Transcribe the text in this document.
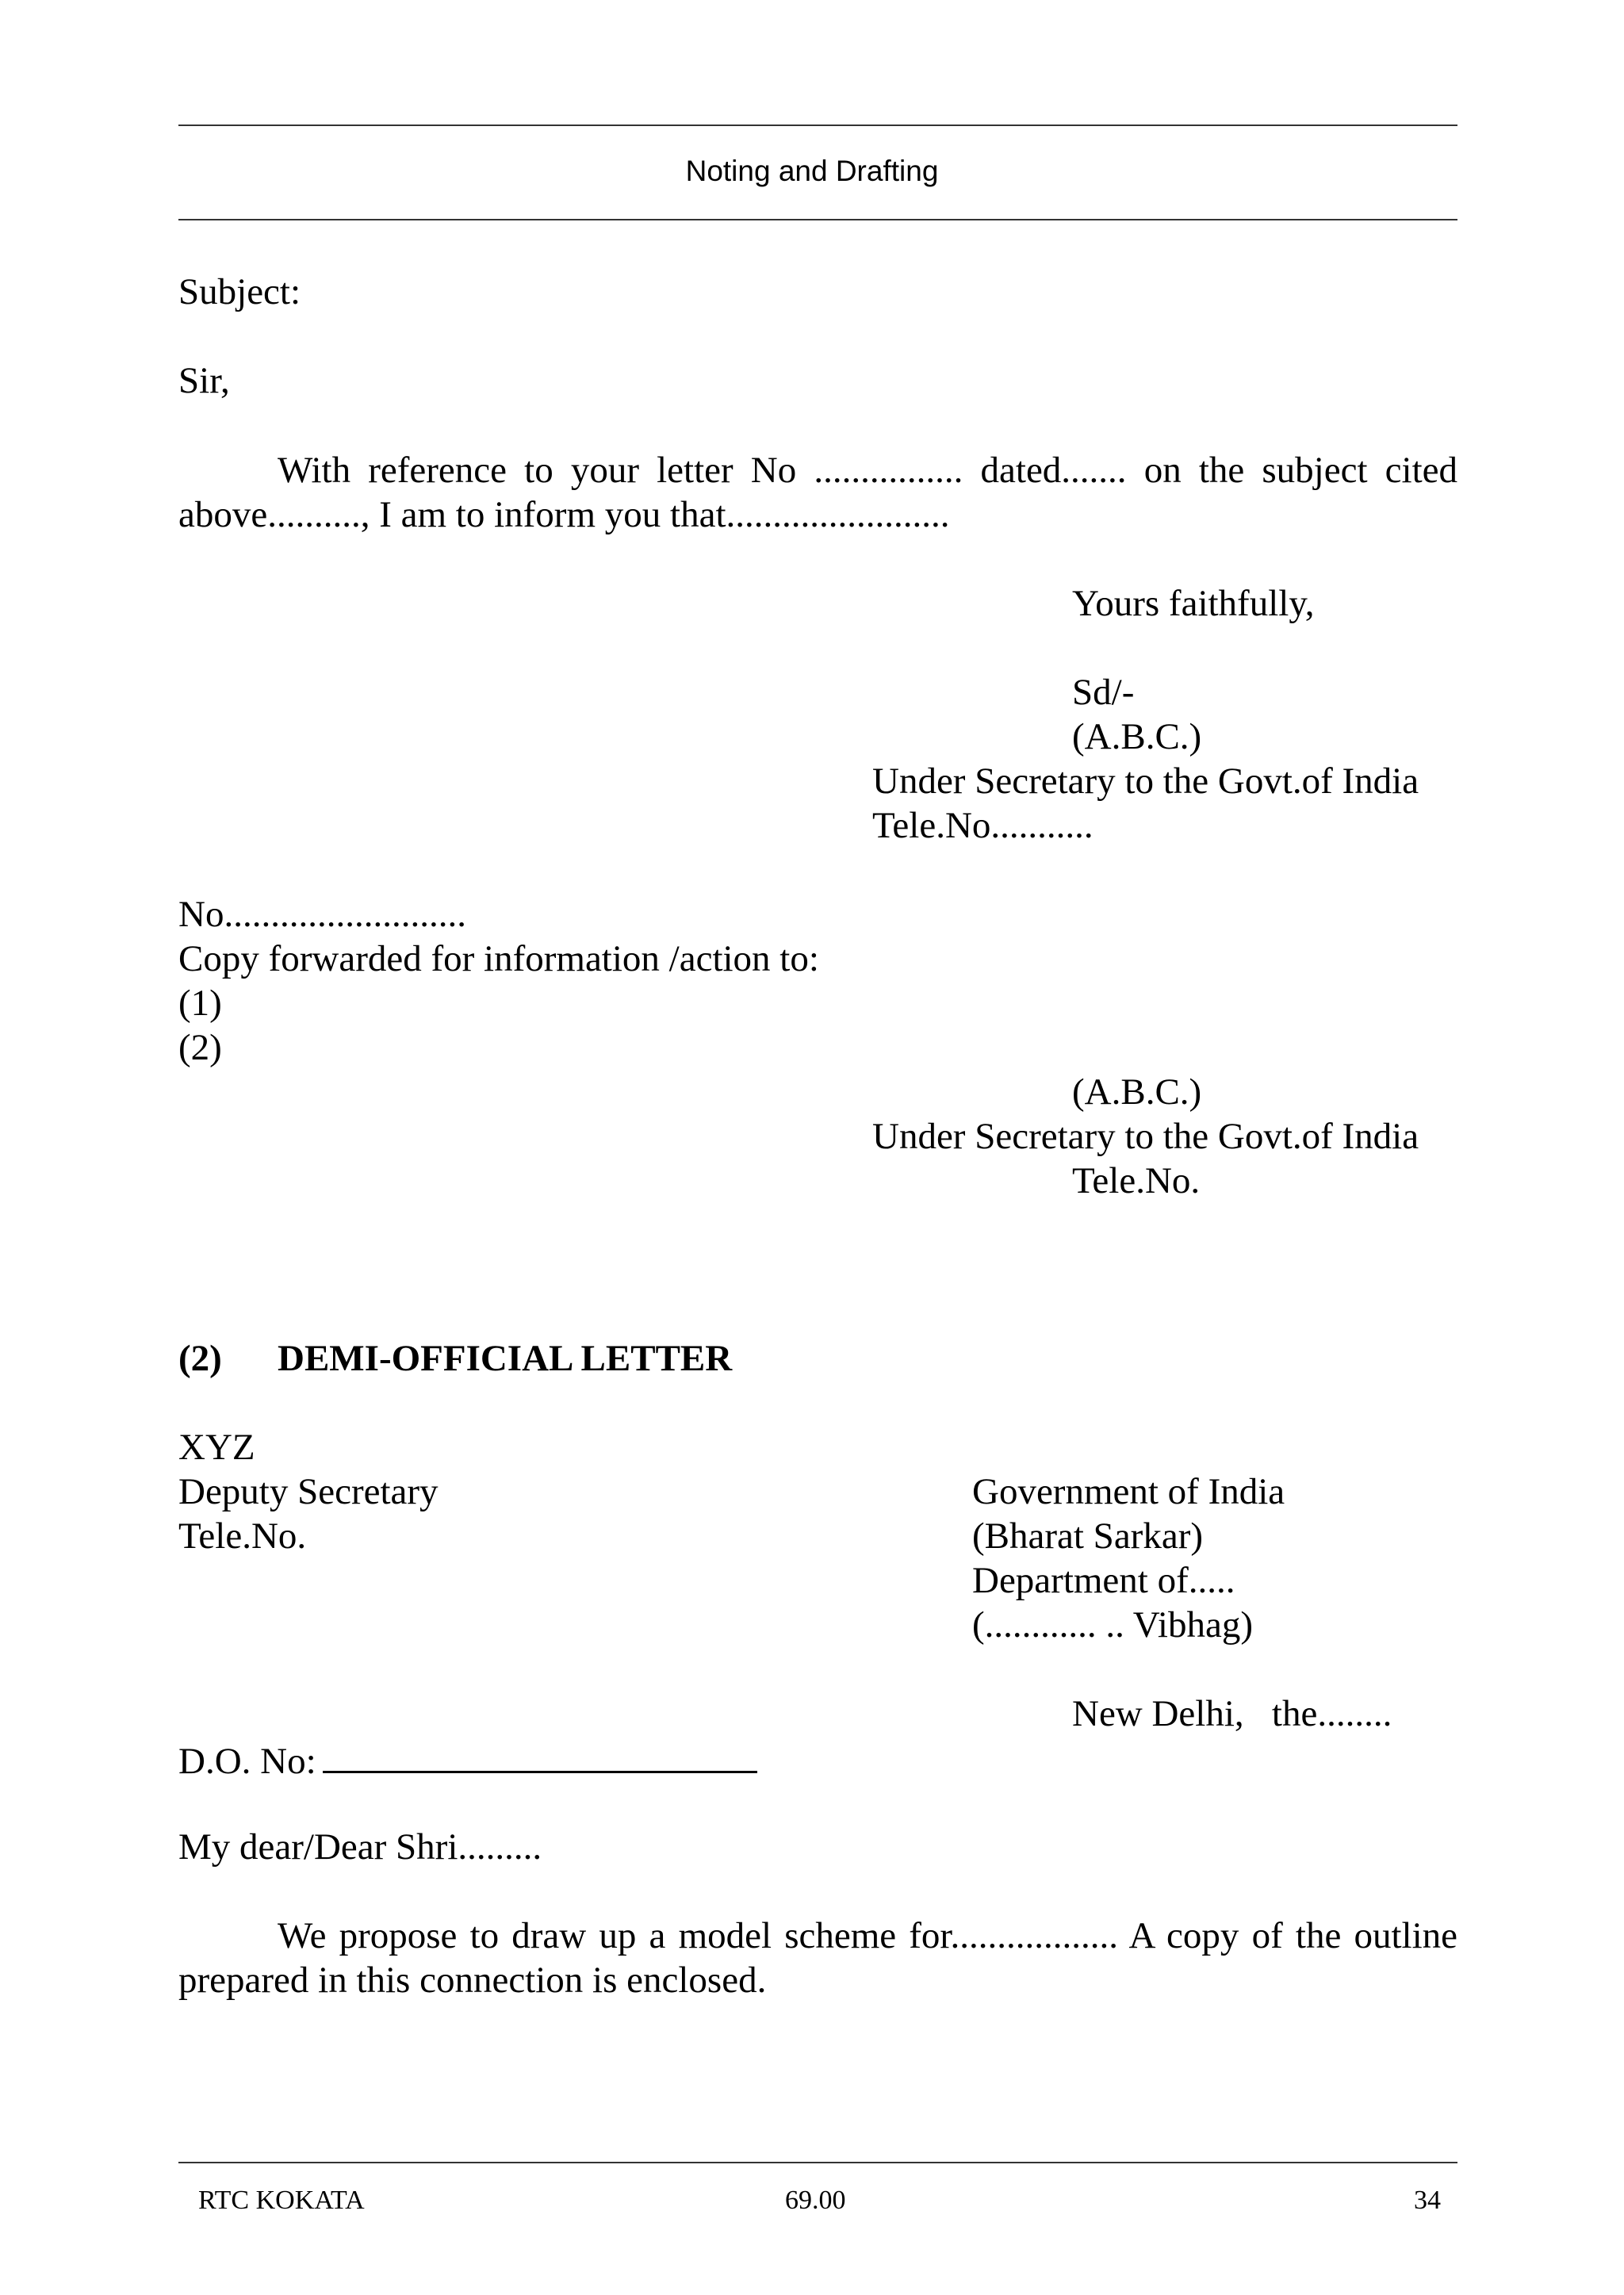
Noting and Drafting
Subject:
Sir,
With reference to your letter No ................ dated....... on the subject cited
above.........., I am to inform you that........................
Yours faithfully,
Sd/-
(A.B.C.)
Under Secretary to the Govt.of India
Tele.No...........
No..........................
Copy forwarded for information /action to:
(1)
(2)
(A.B.C.)
Under Secretary to the Govt.of India
Tele.No.
(2) DEMI-OFFICIAL LETTER
XYZ
Deputy Secretary
Tele.No.
Government of India
(Bharat Sarkar)
Department of.....
(............ .. Vibhag)
New Delhi,   the........
D.O. No:
My dear/Dear Shri.........
We propose to draw up a model scheme for.................. A copy of the outline
prepared in this connection is enclosed.
RTC KOKATA	69.00	34
